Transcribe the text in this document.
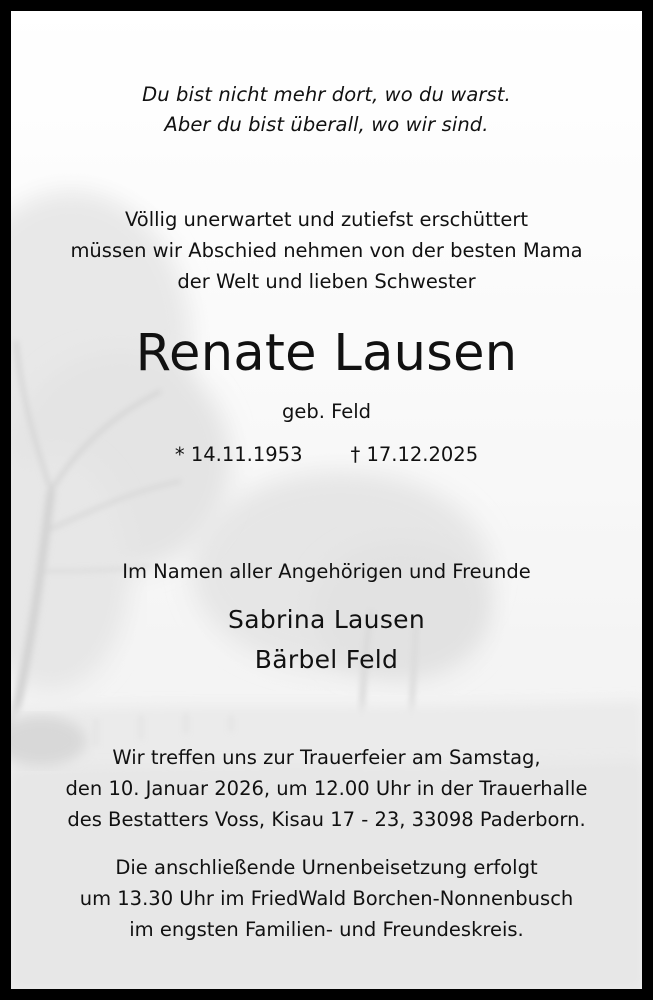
Du bist nicht mehr dort, wo du warst.
Aber du bist überall, wo wir sind.
Völlig unerwartet und zutiefst erschüttert
müssen wir Abschied nehmen von der besten Mama
der Welt und lieben Schwester
Renate Lausen
geb. Feld
* 14.11.1953 † 17.12.2025
Im Namen aller Angehörigen und Freunde
Sabrina Lausen
Bärbel Feld
Wir treffen uns zur Trauerfeier am Samstag,
den 10. Januar 2026, um 12.00 Uhr in der Trauerhalle
des Bestatters Voss, Kisau 17 - 23, 33098 Paderborn.
Die anschließende Urnenbeisetzung erfolgt
um 13.30 Uhr im FriedWald Borchen-Nonnenbusch
im engsten Familien- und Freundeskreis.
